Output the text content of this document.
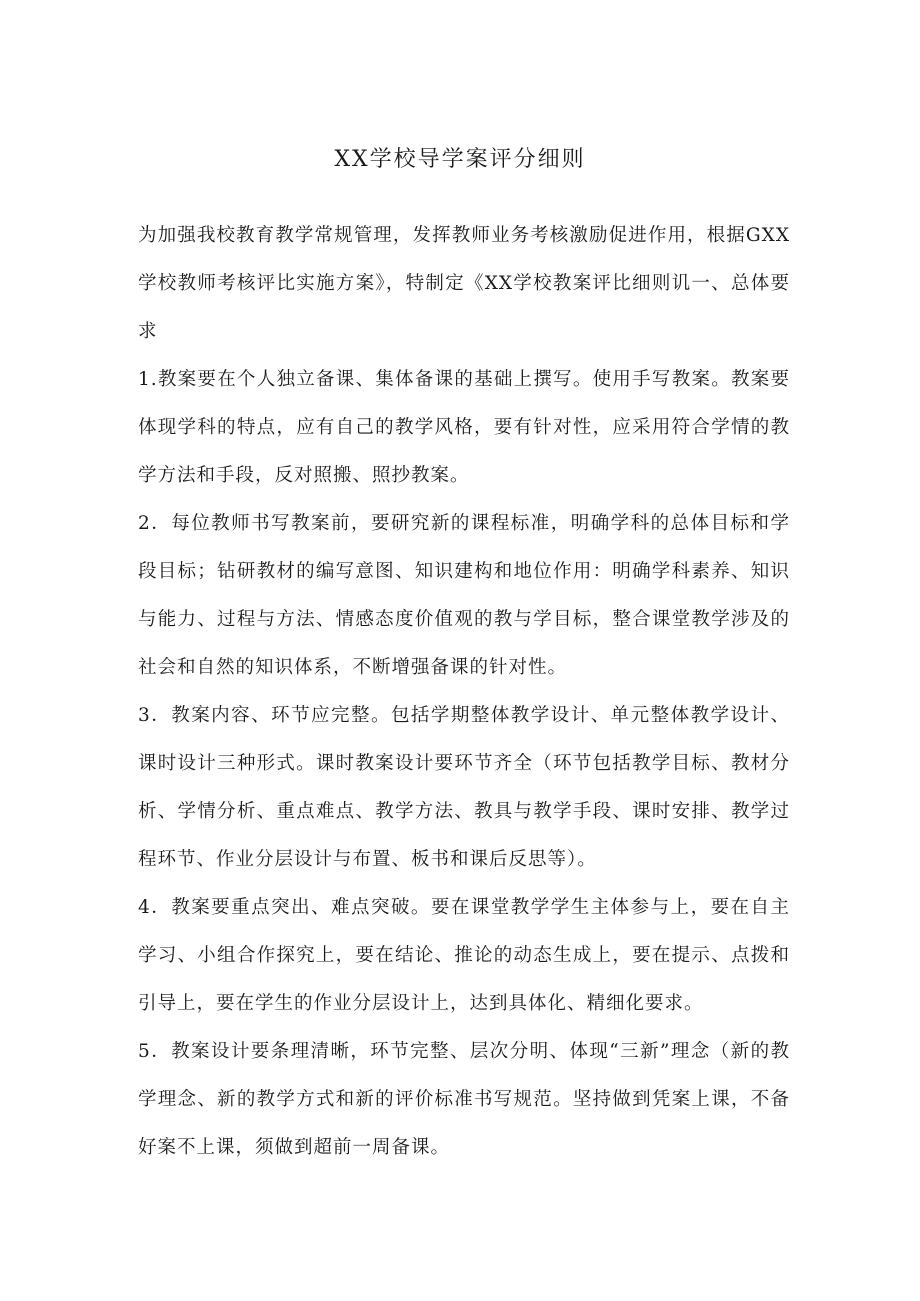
XX学校导学案评分细则

为加强我校教育教学常规管理，发挥教师业务考核激励促进作用，根据GXX学校教师考核评比实施方案》，特制定《XX学校教案评比细则讥一、总体要求

1.教案要在个人独立备课、集体备课的基础上撰写。使用手写教案。教案要体现学科的特点，应有自己的教学风格，要有针对性，应采用符合学情的教学方法和手段，反对照搬、照抄教案。

2．每位教师书写教案前，要研究新的课程标准，明确学科的总体目标和学段目标；钻研教材的编写意图、知识建构和地位作用：明确学科素养、知识与能力、过程与方法、情感态度价值观的教与学目标，整合课堂教学涉及的社会和自然的知识体系，不断增强备课的针对性。

3．教案内容、环节应完整。包括学期整体教学设计、单元整体教学设计、课时设计三种形式。课时教案设计要环节齐全（环节包括教学目标、教材分析、学情分析、重点难点、教学方法、教具与教学手段、课时安排、教学过程环节、作业分层设计与布置、板书和课后反思等）。

4．教案要重点突出、难点突破。要在课堂教学学生主体参与上，要在自主学习、小组合作探究上，要在结论、推论的动态生成上，要在提示、点拨和引导上，要在学生的作业分层设计上，达到具体化、精细化要求。

5．教案设计要条理清晰，环节完整、层次分明、体现“三新”理念（新的教学理念、新的教学方式和新的评价标准书写规范。坚持做到凭案上课，不备好案不上课，须做到超前一周备课。
